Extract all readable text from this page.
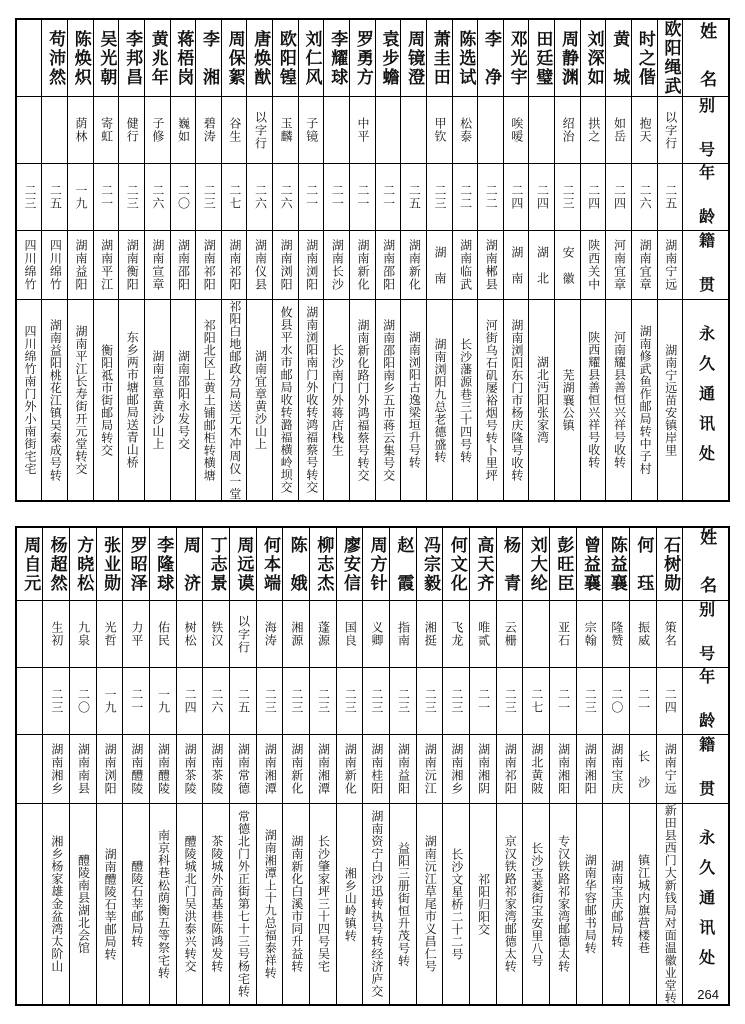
	苟沛然	陈焕炽	吴光朝	李邦昌	黄兆年	蒋梧岗	李　湘	周保絮	唐焕猷	欧阳锽	刘仁风	李耀球	罗勇方	袁步蟾	周镜澄	萧圭田	陈选试	李　净	邓光宇	田廷璧	周静渊	刘深如	黄　城	时之偕	欧阳绳武	姓　名

		荫林	寄虹	健行	子修	巍如	碧涛	谷生	以字行	玉麟	子镜		中平			甲钦	松泰		唉嗳		绍治	拱之	如岳	抱天	以字行	别　号

二三	二五	一九	二一	二三	二六	二〇	二三	二七	二六	二六	二一	二一	二一	二一	二五	二三	二二	二二	二四	二四	二三	二四	二四	二六	二五	年　龄

四川绵竹	四川绵竹	湖南益阳	湖南平江	湖南衡阳	湖南宣章	湖南邵阳	湖南祁阳	湖南祁阳	湖南仪县	湖南浏阳	湖南浏阳	湖南长沙	湖南新化	湖南邵阳	湖南新化	湖　南	湖南临武	湖南郴县	湖　南	湖　北	安　徽	陕西关中	河南宜章	湖南宜章	湖南宁远	籍　贯

四川绵竹南门外小南街宅宅	湖南益阳桃花江镇吴泰成号转	湖南平江长寿街开元堂转交	衡阳祗市街邮局转交	东乡两市塘邮局送青山桥	湖南宣章黄沙山上	湖南邵阳永发号交	祁阳北区上黄土铺邮柜转横塘	祁阳白地邮政分局送元木冲周仪一堂	湖南宜章黄沙山上	攸县平水市邮局收转潞福横岭坝交	湖南浏阳南门外收转鸿福蔡号转交	长沙南门外蒋店栈生	湖南新化路门外鸿福蔡号转交	湖南邵阳南乡五市蒋云集号交	湖南浏阳古逸梁垣升号转	湖南浏阳九总老德盛转	长沙藩源巷三十四号转	河街乌石矶屡裕烟号转卜里坪	湖南浏阳东门市杨庆隆号收转	湖北沔阳张家湾	芜湖襄公镇	陕西耀县善恒兴祥号收转	河南耀县善恒兴祥号收转	湖南修武鱼作邮局转中子村	湖南宁远苗安镇岸里	永久通讯处
周自元	杨超然	方晓松	张业勋	罗昭泽	李隆球	周　济	丁志景	周远谟	何本端	陈　娥	柳志杰	廖安信	周方针	赵　霞	冯宗毅	何文化	高天齐	杨　青	刘大纶	彭旺臣	曾益襄	陈益襄	何　珏	石树勋	姓　名

	生初	九泉	光哲	力平	佑民	树松	铁汉	以字行	海涛	湘源	蓬源	国良	义卿	指南	湘挺	飞龙	唯贰	云栅		亚石	宗翰	隆赞	振威	策名	别　号

	二三	二〇	一九	二一	一九	二四	二六	二五	二三	二三	二三	二三	二三	二三	二三	二三	二一	二三	二七	二一	二三	二〇	二一	二四	年　龄

	湖南湘乡	湖南南县	湖南浏阳	湖南醴陵	湖南醴陵	湖南茶陵	湖南茶陵	湖南常德	湖南湘潭	湖南新化	湖南湘潭	湖南新化	湖南桂阳	湖南益阳	湖南沅江	湖南湘乡	湖南湘阴	湖南祁阳	湖北黄陂	湖南湘阳	湖南湘阳	湖南宝庆	长　沙	湖南宁远	籍　贯

	湘乡杨家雄金盆湾太阶山	醴陵南县湖北会馆	湖南醴陵石莘邮局转	醴陵石莘邮局转	南京科巷松荫衡五等祭宅转	醴陵城北门吴洪泰兴转交	茶陵城外高基巷陈鸿发转	常德北门外正街第七十三号杨宅转	湖南湘潭上十九总福泰祥转	湖南新化白溪市同升益转	长沙肇家坪三十四号吴宅	湘乡山岭镇转	湖南资宁白沙迅转执号转经济庐交	益阳三册街恒升茂号转	湖南沅江草尾市义昌仁号	长沙文星桥二十二号	祁阳归阳交	京汉铁路祁家湾邮德太转	长沙宝菱街宝安里八号	专汉铁路祁家湾邮德太转	湖南华容邮书局转	湖南宝庆邮局转	镇江城内旗营楼巷	新田县西门大新钱局对面温徽业堂转	永久通讯处
264
